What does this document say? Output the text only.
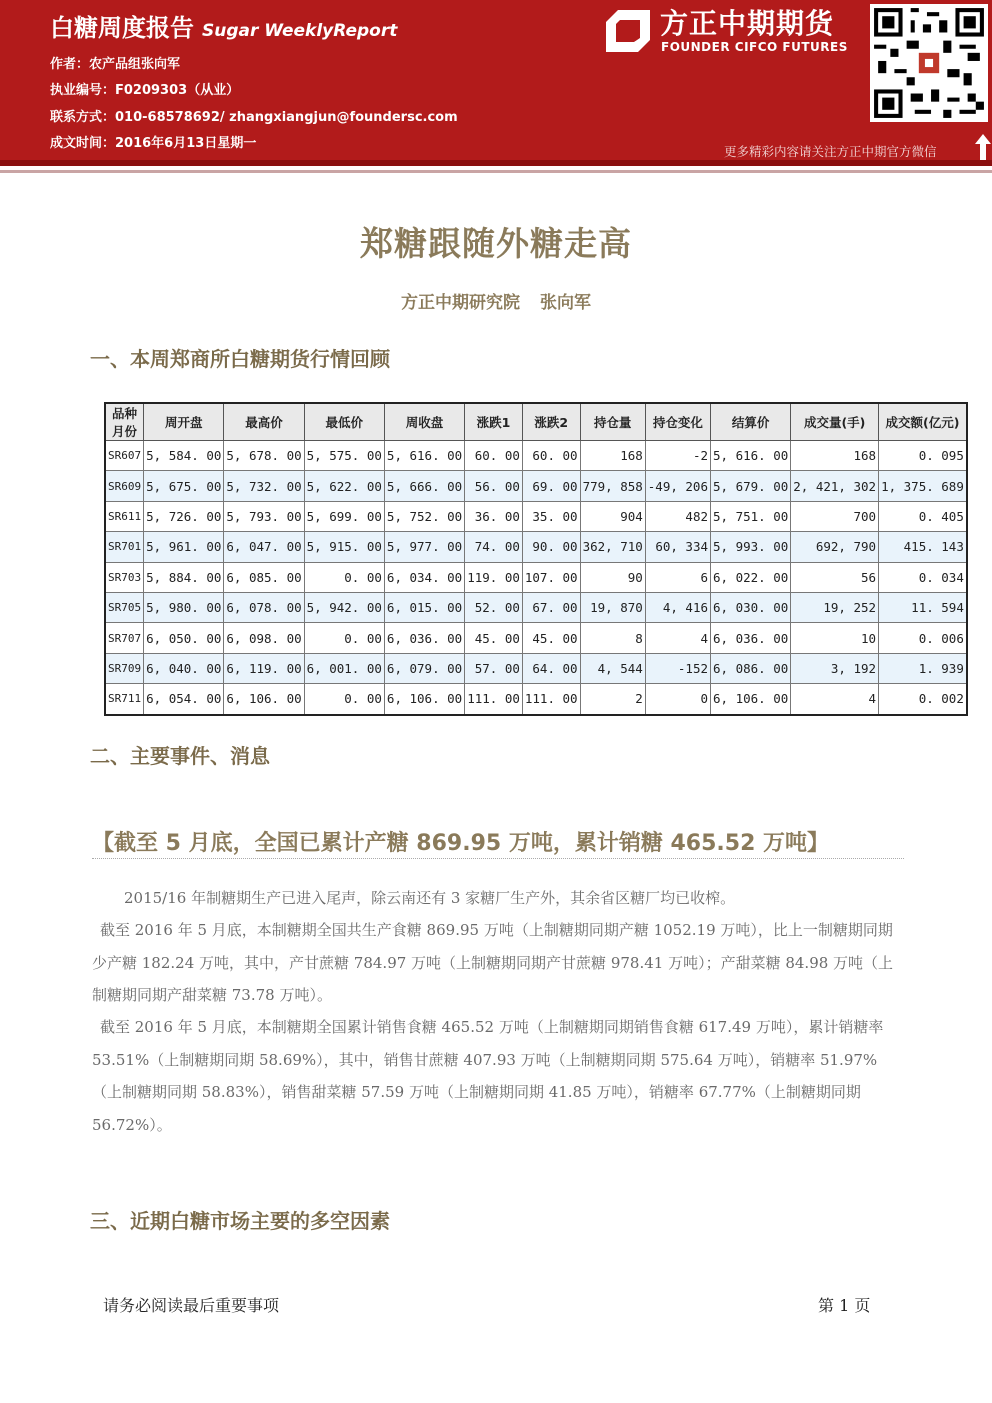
白糖周度报告 Sugar WeeklyReport
作者：农产品组张向军
执业编号：F0209303（从业）
联系方式：010-68578692/ zhangxiangjun@foundersc.com
成文时间：2016年6月13日星期一
方正中期期货
FOUNDER CIFCO FUTURES
更多精彩内容请关注方正中期官方微信
郑糖跟随外糖走高
方正中期研究院 张向军
一、本周郑商所白糖期货行情回顾
品种月份	周开盘	最高价	最低价	周收盘	涨跌1	涨跌2	持仓量	持仓变化	结算价	成交量(手)	成交额(亿元)
SR607	5, 584. 00	5, 678. 00	5, 575. 00	5, 616. 00	60. 00	60. 00	168	-2	5, 616. 00	168	0. 095
SR609	5, 675. 00	5, 732. 00	5, 622. 00	5, 666. 00	56. 00	69. 00	779, 858	-49, 206	5, 679. 00	2, 421, 302	1, 375. 689
SR611	5, 726. 00	5, 793. 00	5, 699. 00	5, 752. 00	36. 00	35. 00	904	482	5, 751. 00	700	0. 405
SR701	5, 961. 00	6, 047. 00	5, 915. 00	5, 977. 00	74. 00	90. 00	362, 710	60, 334	5, 993. 00	692, 790	415. 143
SR703	5, 884. 00	6, 085. 00	0. 00	6, 034. 00	119. 00	107. 00	90	6	6, 022. 00	56	0. 034
SR705	5, 980. 00	6, 078. 00	5, 942. 00	6, 015. 00	52. 00	67. 00	19, 870	4, 416	6, 030. 00	19, 252	11. 594
SR707	6, 050. 00	6, 098. 00	0. 00	6, 036. 00	45. 00	45. 00	8	4	6, 036. 00	10	0. 006
SR709	6, 040. 00	6, 119. 00	6, 001. 00	6, 079. 00	57. 00	64. 00	4, 544	-152	6, 086. 00	3, 192	1. 939
SR711	6, 054. 00	6, 106. 00	0. 00	6, 106. 00	111. 00	111. 00	2	0	6, 106. 00	4	0. 002
二、主要事件、消息
【截至 5 月底，全国已累计产糖 869.95 万吨，累计销糖 465.52 万吨】
2015/16 年制糖期生产已进入尾声，除云南还有 3 家糖厂生产外，其余省区糖厂均已收榨。
截至 2016 年 5 月底，本制糖期全国共生产食糖 869.95 万吨（上制糖期同期产糖 1052.19 万吨），比上一制糖期同期少产糖 182.24 万吨，其中，产甘蔗糖 784.97 万吨（上制糖期同期产甘蔗糖 978.41 万吨）；产甜菜糖 84.98 万吨（上制糖期同期产甜菜糖 73.78 万吨）。
截至 2016 年 5 月底，本制糖期全国累计销售食糖 465.52 万吨（上制糖期同期销售食糖 617.49 万吨），累计销糖率 53.51%（上制糖期同期 58.69%），其中，销售甘蔗糖 407.93 万吨（上制糖期同期 575.64 万吨），销糖率 51.97%（上制糖期同期 58.83%），销售甜菜糖 57.59 万吨（上制糖期同期 41.85 万吨），销糖率 67.77%（上制糖期同期 56.72%）。
三、近期白糖市场主要的多空因素
请务必阅读最后重要事项	第 1 页
